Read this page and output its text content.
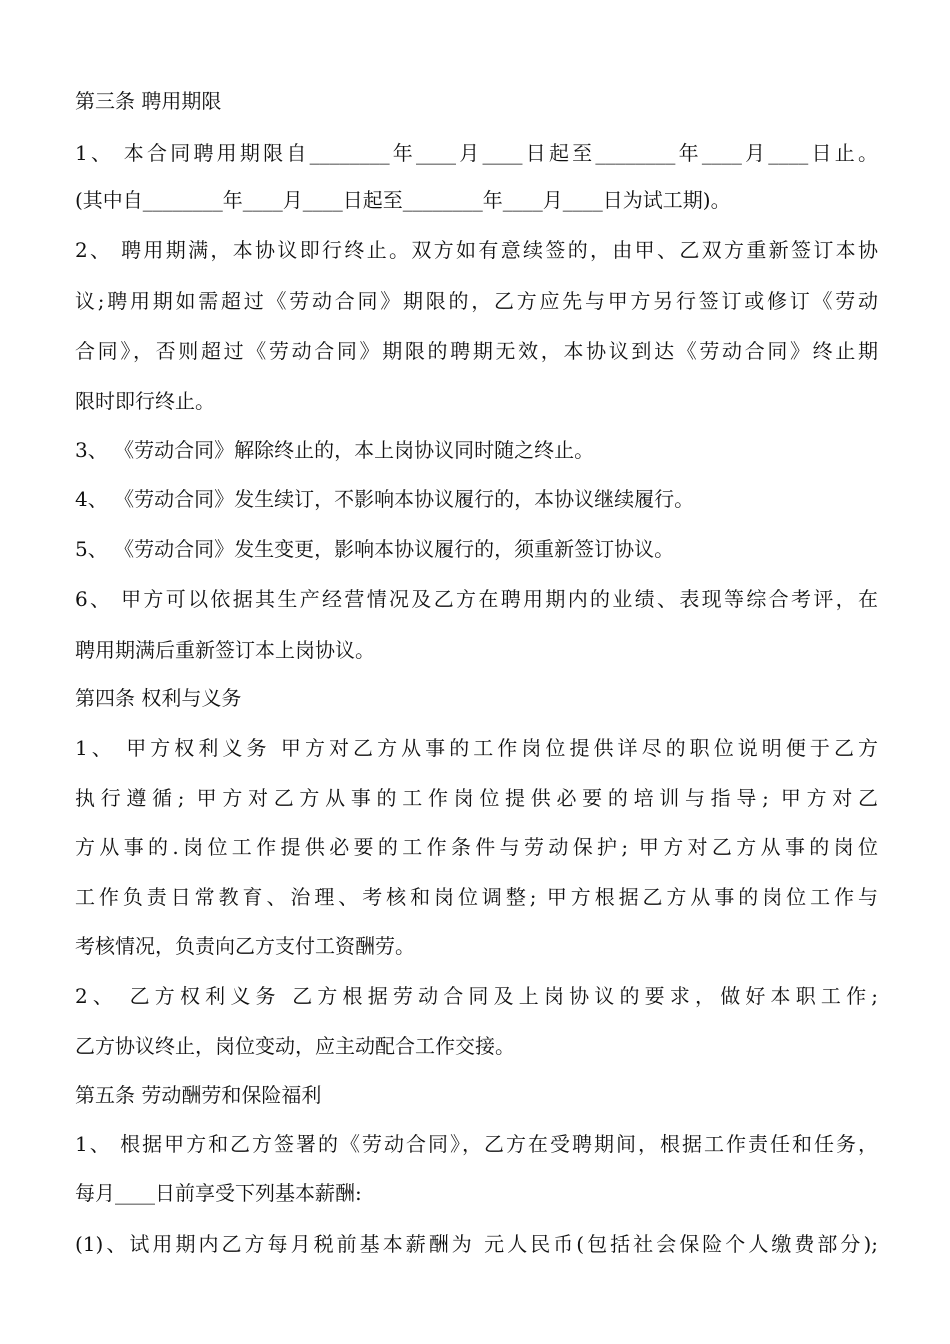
第三条 聘用期限
1、 本合同聘用期限自________年____月____日起至________年____月____日止。
(其中自________年____月____日起至________年____月____日为试工期)。
2、 聘用期满，本协议即行终止。双方如有意续签的，由甲、乙双方重新签订本协
议;聘用期如需超过《劳动合同》期限的，乙方应先与甲方另行签订或修订《劳动
合同》，否则超过《劳动合同》期限的聘期无效，本协议到达《劳动合同》终止期
限时即行终止。
3、 《劳动合同》解除终止的，本上岗协议同时随之终止。
4、 《劳动合同》发生续订，不影响本协议履行的，本协议继续履行。
5、 《劳动合同》发生变更，影响本协议履行的，须重新签订协议。
6、 甲方可以依据其生产经营情况及乙方在聘用期内的业绩、表现等综合考评，在
聘用期满后重新签订本上岗协议。
第四条 权利与义务
1、 甲方权利义务 甲方对乙方从事的工作岗位提供详尽的职位说明便于乙方
执行遵循; 甲方对乙方从事的工作岗位提供必要的培训与指导; 甲方对乙
方从事的.岗位工作提供必要的工作条件与劳动保护; 甲方对乙方从事的岗位
工作负责日常教育、治理、考核和岗位调整; 甲方根据乙方从事的岗位工作与
考核情况，负责向乙方支付工资酬劳。
2、 乙方权利义务 乙方根据劳动合同及上岗协议的要求，做好本职工作;
乙方协议终止，岗位变动，应主动配合工作交接。
第五条 劳动酬劳和保险福利
1、 根据甲方和乙方签署的《劳动合同》，乙方在受聘期间，根据工作责任和任务，
每月____日前享受下列基本薪酬:
(1)、试用期内乙方每月税前基本薪酬为 元人民币(包括社会保险个人缴费部分);
